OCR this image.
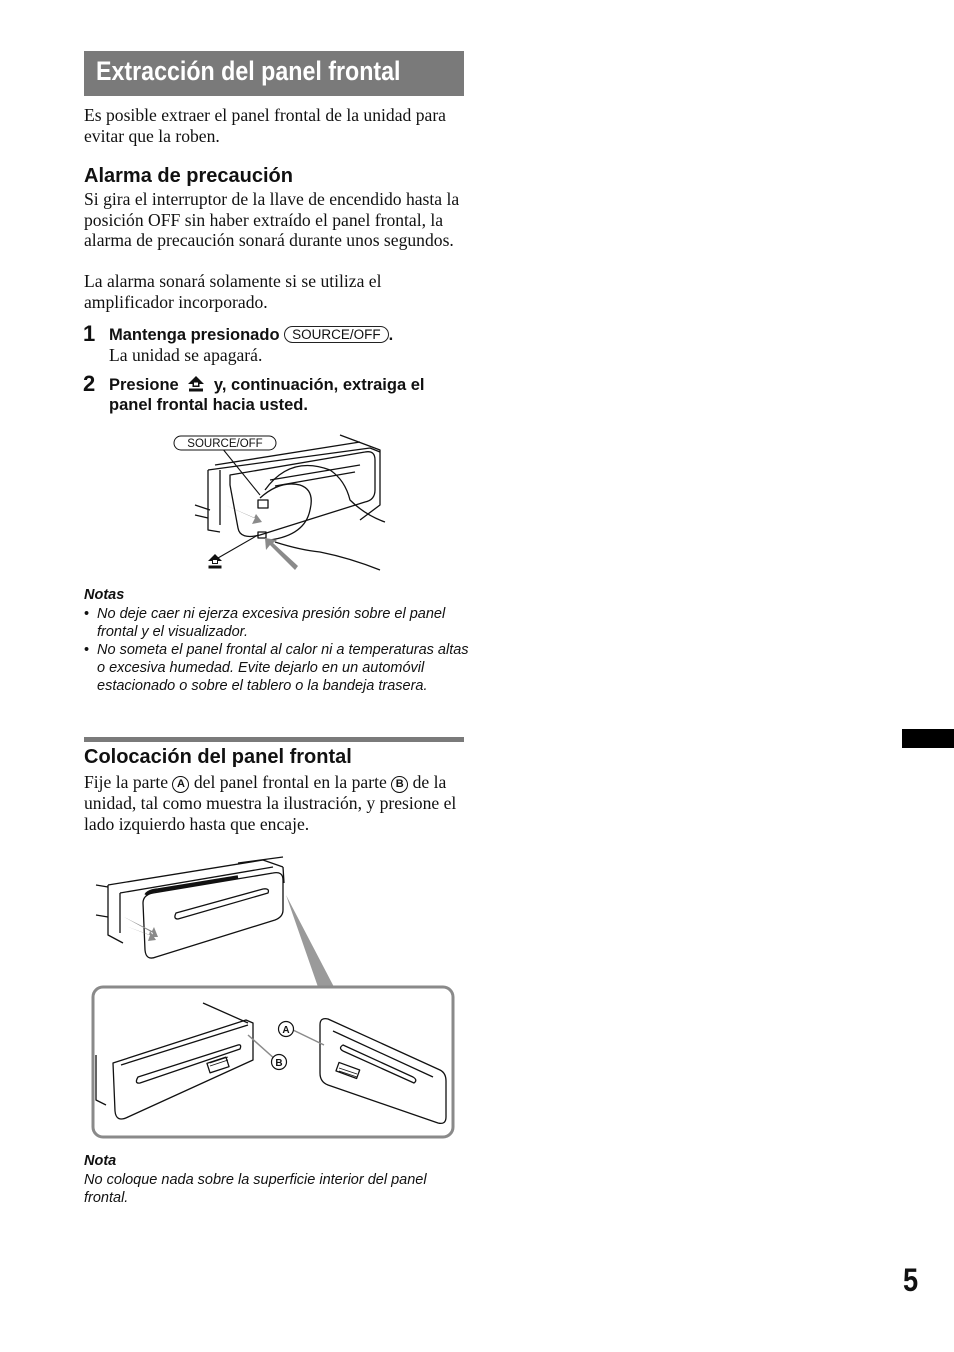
Extracción del panel frontal
Es posible extraer el panel frontal de la unidad para evitar que la roben.
Alarma de precaución
Si gira el interruptor de la llave de encendido hasta la posición OFF sin haber extraído el panel frontal, la alarma de precaución sonará durante unos segundos.
La alarma sonará solamente si se utiliza el amplificador incorporado.
1 Mantenga presionado SOURCE/OFF .
La unidad se apagará.
2 Presione y, continuación, extraiga el panel frontal hacia usted.
SOURCE/OFF
Notas
• No deje caer ni ejerza excesiva presión sobre el panel frontal y el visualizador.
• No someta el panel frontal al calor ni a temperaturas altas o excesiva humedad. Evite dejarlo en un automóvil estacionado o sobre el tablero o la bandeja trasera.
Colocación del panel frontal
Fije la parte A del panel frontal en la parte B de la unidad, tal como muestra la ilustración, y presione el lado izquierdo hasta que encaje.
A
B
Nota
No coloque nada sobre la superficie interior del panel frontal.
5
